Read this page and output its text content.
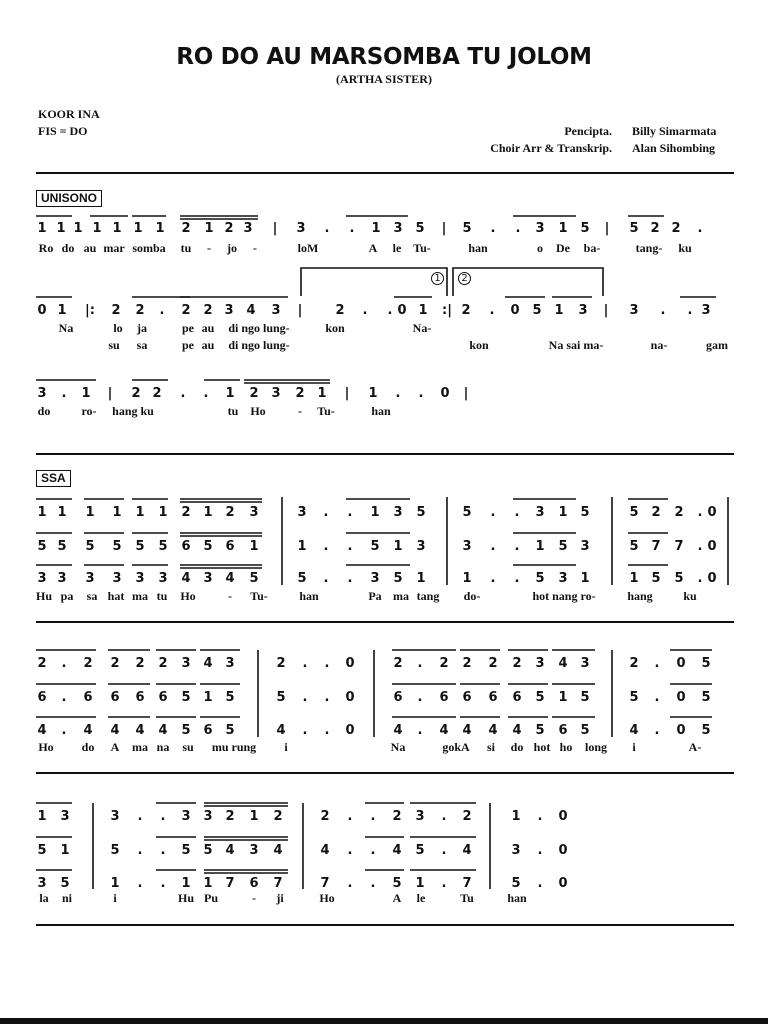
RO DO AU MARSOMBA TU JOLOM
(ARTHA SISTER)
KOOR INA
FIS = DO	Pencipta.
Choir Arr & Transkrip.
Billy Simarmata
Alan Sihombing
UNISONO
SSA
1	2
1 1 1 1 1 1 1 2 1 2 3 | 3 . . 1 3 5 | 5 . . 3 1 5 | 5 2 2 .
Ro do au mar somba tu - jo -	loM	A le Tu-	han	o De ba-	tang- ku
0 1 |: 2 2 . 2 2 3 4 3 |	2 . . 0 1 :| 2 . 0 5 1 3 | 3 . . 3
Na	lo ja	pe au di ngo lung-	kon	Na-
su sa	pe au di ngo lung-	kon	Na sai ma-	na-	gam
3 . 1 | 2 2 . . 1 2 3 2 1 | 1 . . 0 |
do	ro- hang ku	tu Ho	- Tu-	han
1 1 1 1 1 1 2 1 2 3	3 . . 1 3 5	5 . . 3 1 5	5 2 2 . 0
5 5 5 5 5 5 6 5 6 1	1 . . 5 1 3	3 . . 1 5 3	5 7 7 . 0
3 3 3 3 3 3 4 3 4 5	5 . . 3 5 1	1 . . 5 3 1	1 5 5 . 0
Hu pa sa hat ma tu Ho	- Tu-	han	Pa ma tang do-	hot nang ro-	hang	ku
2 . 2 2 2 2 3 4 3	2 . . 0	2 . 2 2 2 2 3 4 3	2 . 0 5
6 . 6 6 6 6 5 1 5	5 . . 0	6 . 6 6 6 6 5 1 5	5 . 0 5
4 . 4 4 4 4 5 6 5	4 . . 0	4 . 4 4 4 4 5 6 5	4 . 0 5
Ho do A ma na su mu rung i	Na	gokA si do hot ho long i	A-
1 3	3 . . 3 3 2 1 2	2 . . 2 3 . 2	1 . 0
5 1	5 . . 5 5 4 3 4	4 . . 4 5 . 4	3 . 0
3 5	1 . . 1 1 7 6 7	7 . . 5 1 . 7	5 . 0
la ni	i	Hu Pu	- ji	Ho	A le	Tu	han
